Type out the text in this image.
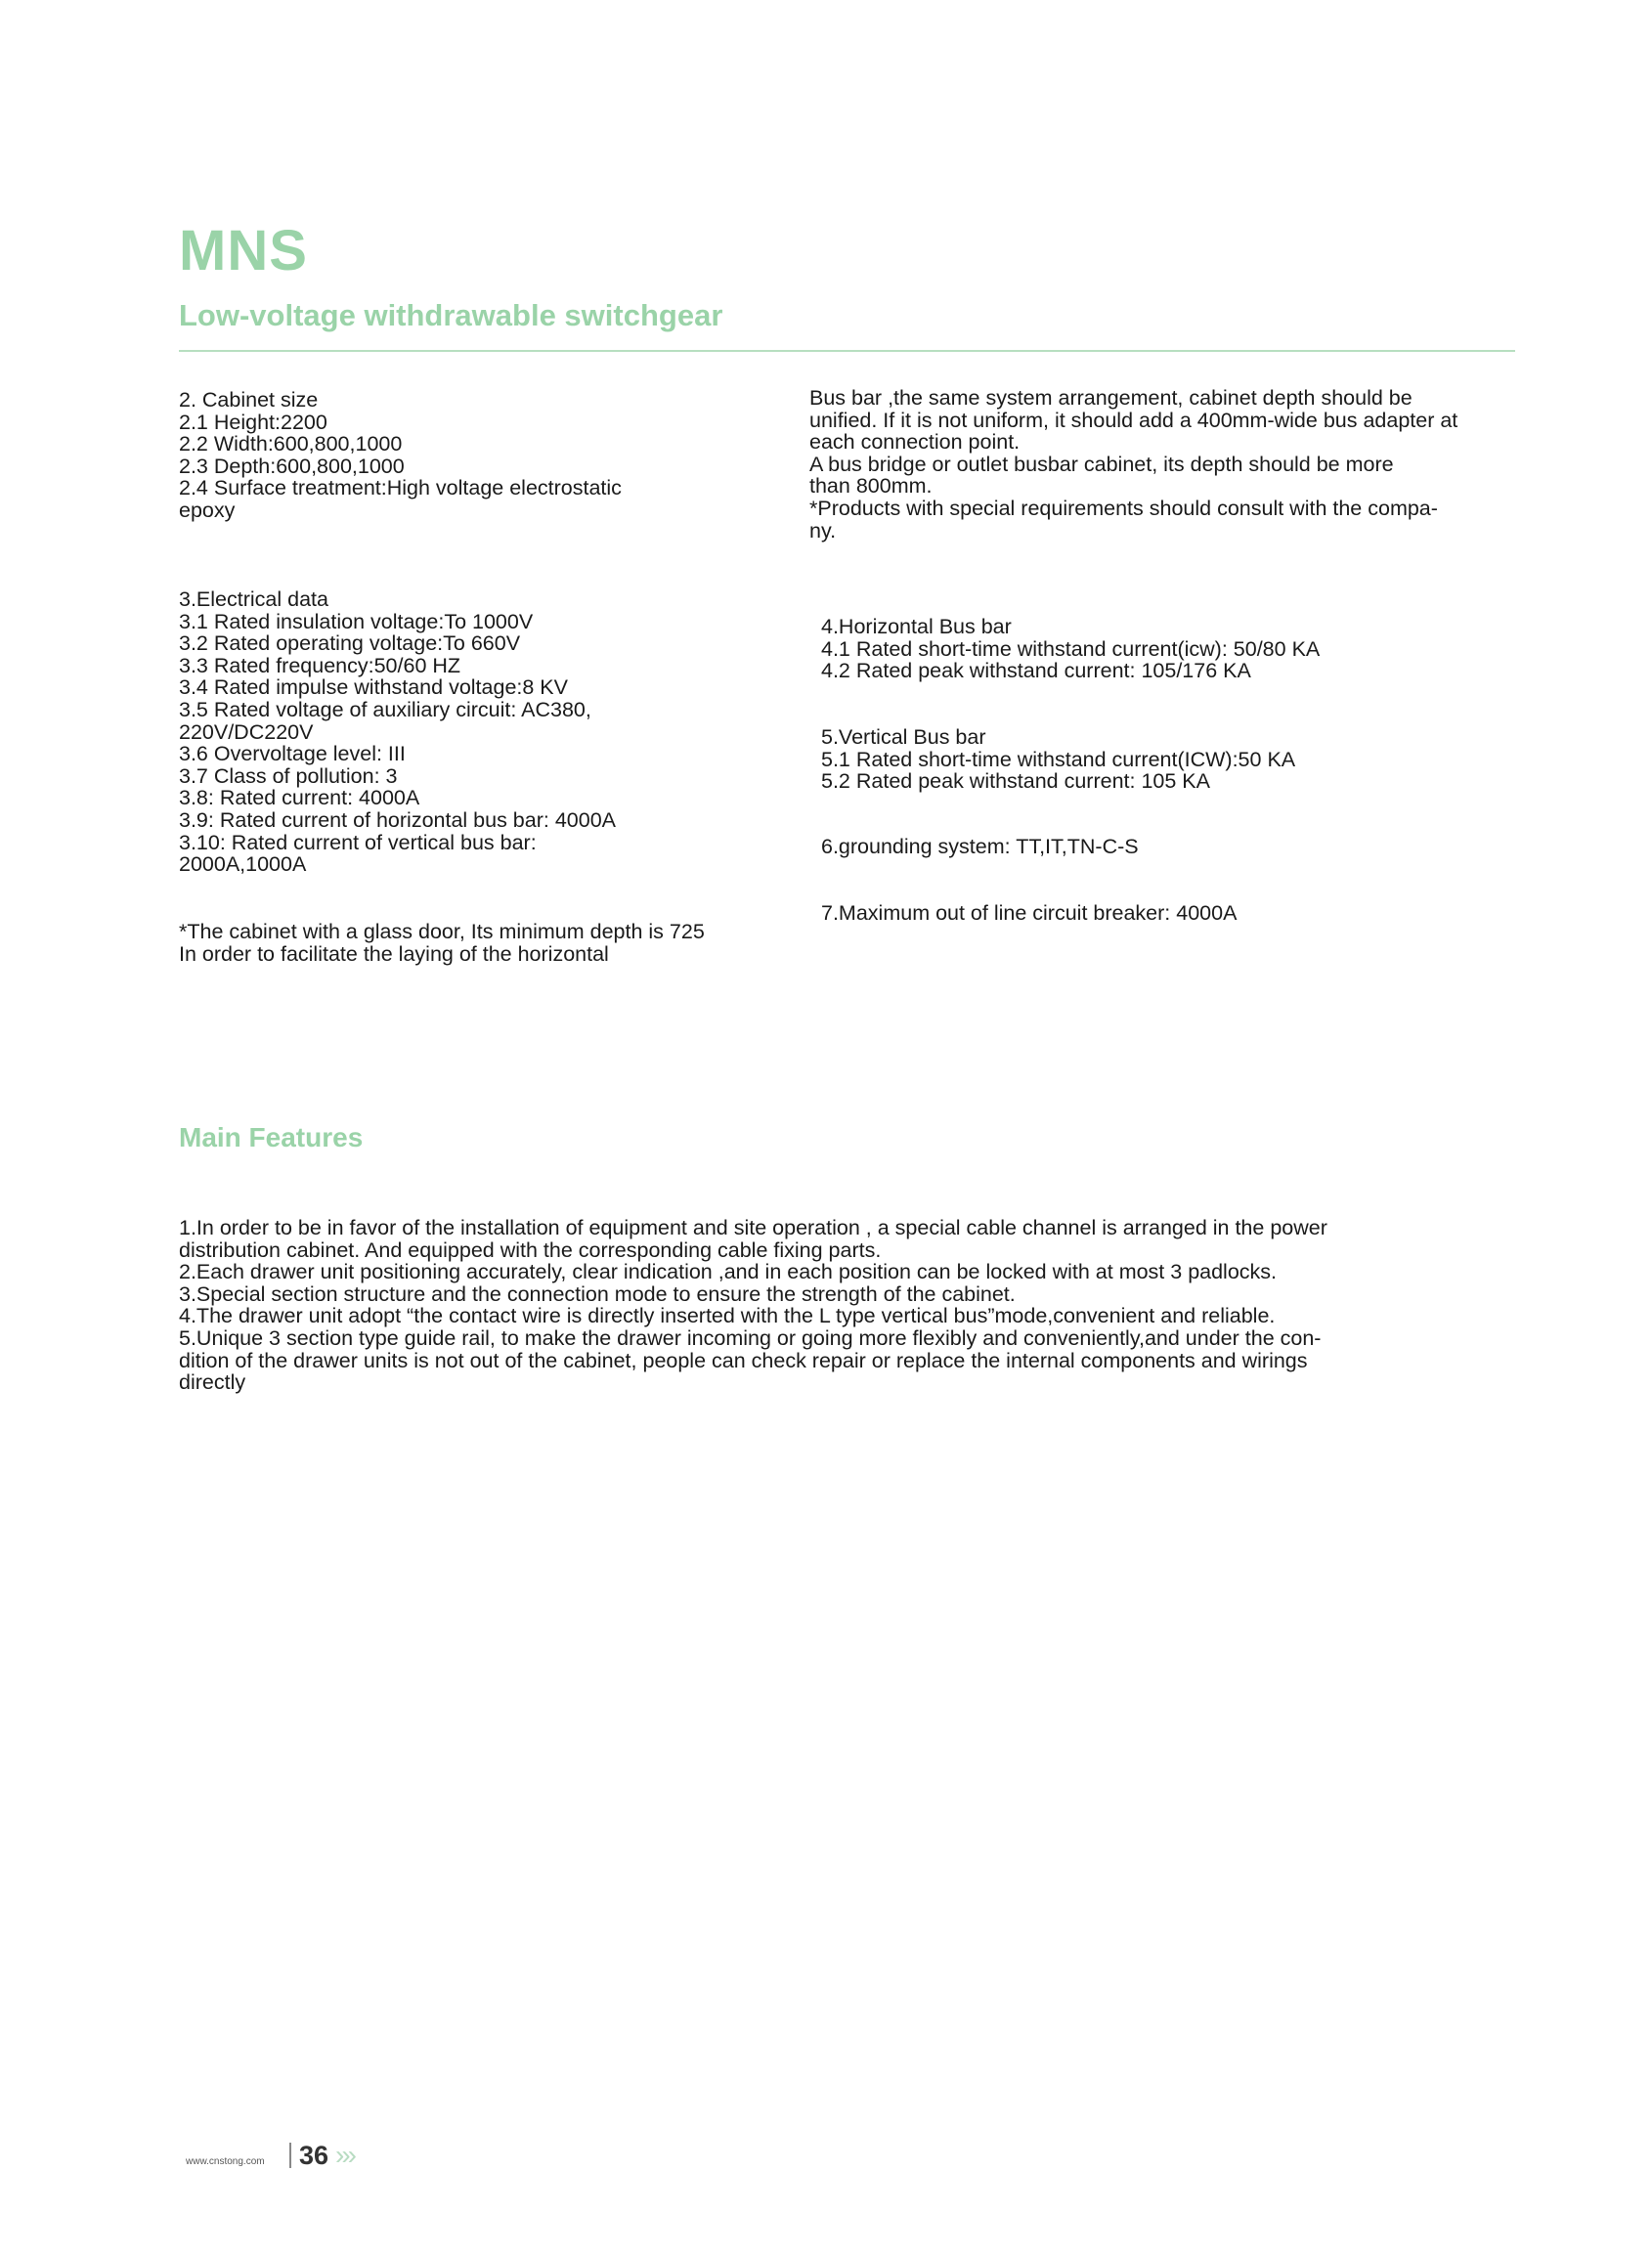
MNS
Low-voltage withdrawable switchgear
2. Cabinet size
2.1 Height:2200
2.2 Width:600,800,1000
2.3 Depth:600,800,1000
2.4 Surface treatment:High voltage electrostatic
epoxy
3.Electrical data
3.1 Rated insulation voltage:To 1000V
3.2 Rated operating voltage:To 660V
3.3 Rated frequency:50/60 HZ
3.4 Rated impulse withstand voltage:8 KV
3.5 Rated voltage of auxiliary circuit: AC380,
220V/DC220V
3.6 Overvoltage level: III
3.7 Class of pollution: 3
3.8: Rated current: 4000A
3.9: Rated current of horizontal bus bar: 4000A
3.10: Rated current of vertical bus bar:
2000A,1000A
*The cabinet with a glass door, Its minimum depth is 725
In order to facilitate the laying of the horizontal
Bus bar ,the same system arrangement, cabinet depth should be
unified. If it is not uniform, it should add a 400mm-wide bus adapter at
each connection point.
A bus bridge or outlet busbar cabinet, its depth should be more
than 800mm.
*Products with special requirements should consult with the compa-
ny.
4.Horizontal Bus bar
4.1 Rated short-time withstand current(icw): 50/80 KA
4.2 Rated peak withstand current: 105/176 KA
5.Vertical Bus bar
5.1 Rated short-time withstand current(ICW):50 KA
5.2 Rated peak withstand current: 105 KA
6.grounding system: TT,IT,TN-C-S
7.Maximum out of line circuit breaker: 4000A
Main Features
1.In order to be in favor of the installation of equipment and site operation , a special cable channel is arranged in the power
distribution cabinet. And equipped with the corresponding cable fixing parts.
2.Each drawer unit positioning accurately, clear indication ,and in each position can be locked with at most 3 padlocks.
3.Special section structure and the connection mode to ensure the strength of the cabinet.
4.The drawer unit adopt “the contact wire is directly inserted with the L type vertical bus”mode,convenient and reliable.
5.Unique 3 section type guide rail, to make the drawer incoming or going more flexibly and conveniently,and under the con-
dition of the drawer units is not out of the cabinet, people can check repair or replace the internal components and wirings
directly
www.cnstong.com 36 ›››
